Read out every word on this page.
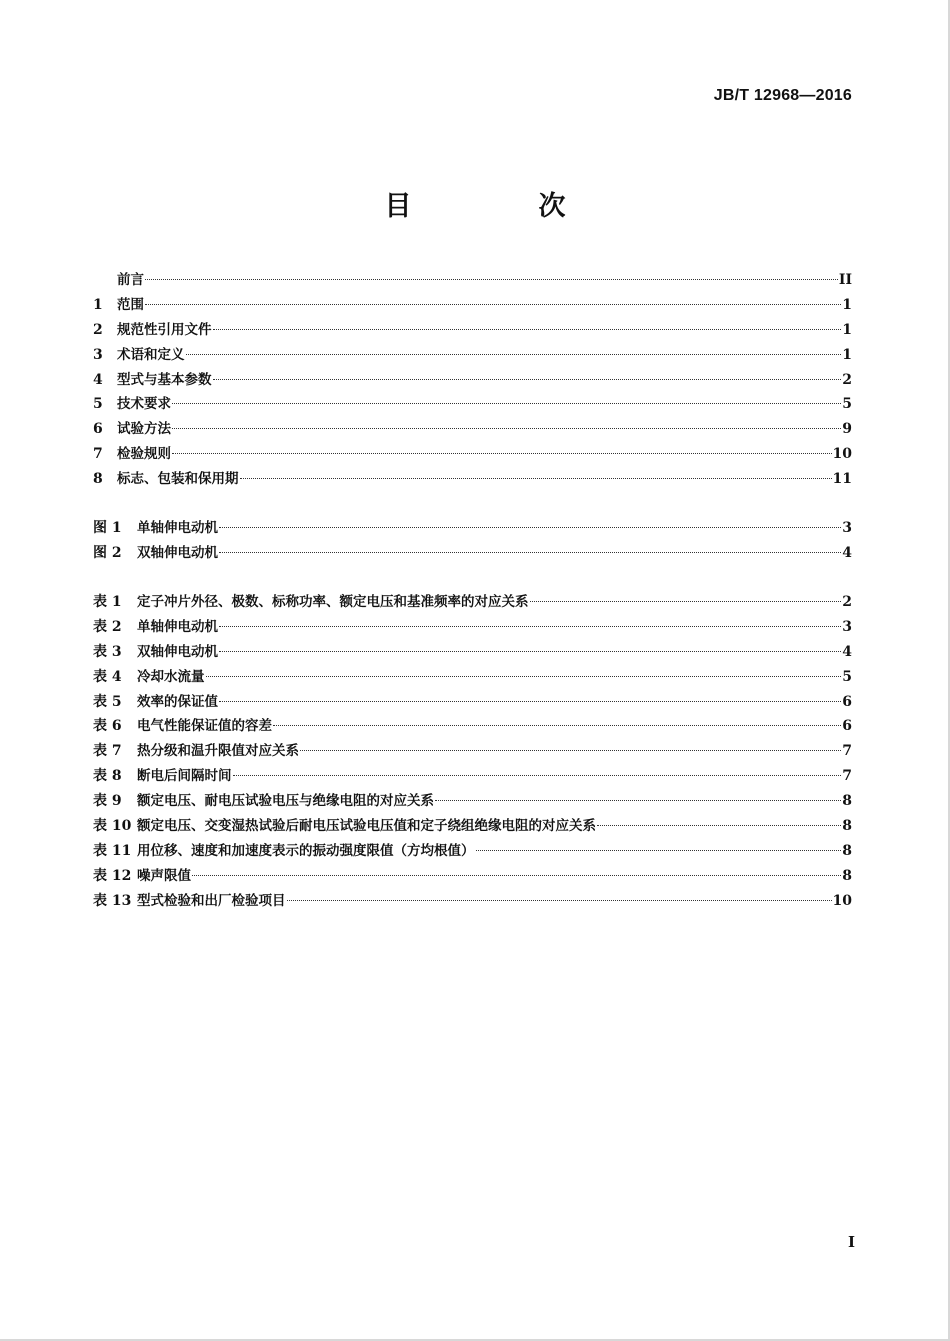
JB/T 12968—2016
目　次
前言	II
1	范围	1
2	规范性引用文件	1
3	术语和定义	1
4	型式与基本参数	2
5	技术要求	5
6	试验方法	9
7	检验规则	10
8	标志、包装和保用期	11
图 1	单轴伸电动机	3
图 2	双轴伸电动机	4
表 1	定子冲片外径、极数、标称功率、额定电压和基准频率的对应关系	2
表 2	单轴伸电动机	3
表 3	双轴伸电动机	4
表 4	冷却水流量	5
表 5	效率的保证值	6
表 6	电气性能保证值的容差	6
表 7	热分级和温升限值对应关系	7
表 8	断电后间隔时间	7
表 9	额定电压、耐电压试验电压与绝缘电阻的对应关系	8
表 10 额定电压、交变湿热试验后耐电压试验电压值和定子绕组绝缘电阻的对应关系	8
表 11 用位移、速度和加速度表示的振动强度限值（方均根值）	8
表 12 噪声限值	8
表 13 型式检验和出厂检验项目	10
I
